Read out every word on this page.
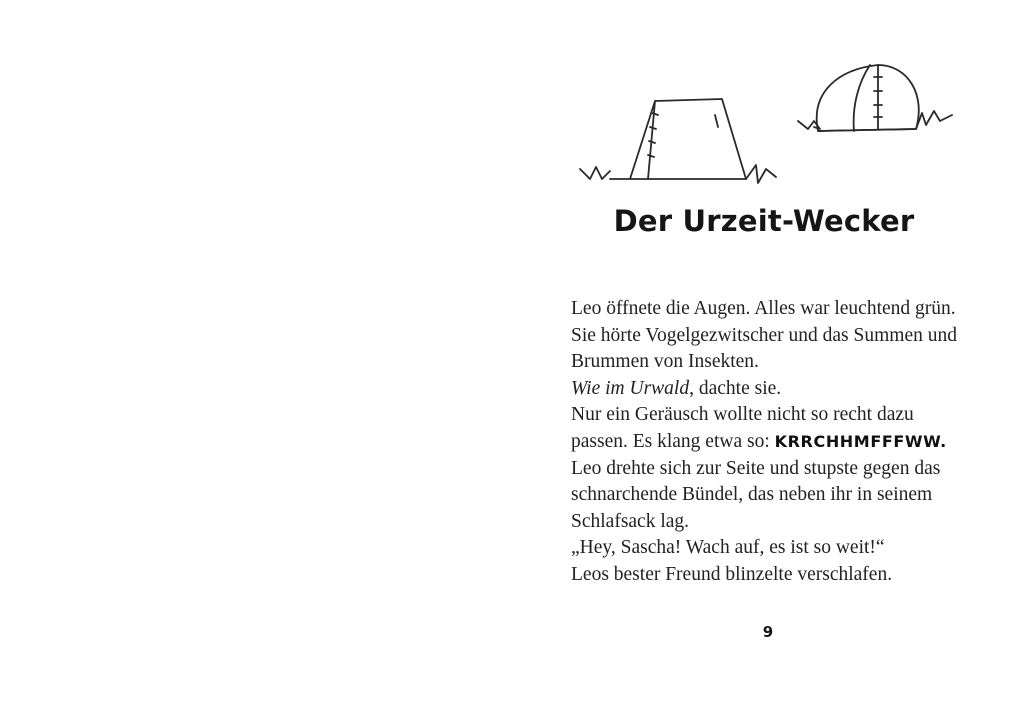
Der Urzeit-Wecker
Leo öffnete die Augen. Alles war leuchtend grün.
Sie hörte Vogelgezwitscher und das Summen und
Brummen von Insekten.
Wie im Urwald, dachte sie.
Nur ein Geräusch wollte nicht so recht dazu
passen. Es klang etwa so: KRRCHHMFFFWW.
Leo drehte sich zur Seite und stupste gegen das
schnarchende Bündel, das neben ihr in seinem
Schlafsack lag.
„Hey, Sascha! Wach auf, es ist so weit!“
Leos bester Freund blinzelte verschlafen.
9
